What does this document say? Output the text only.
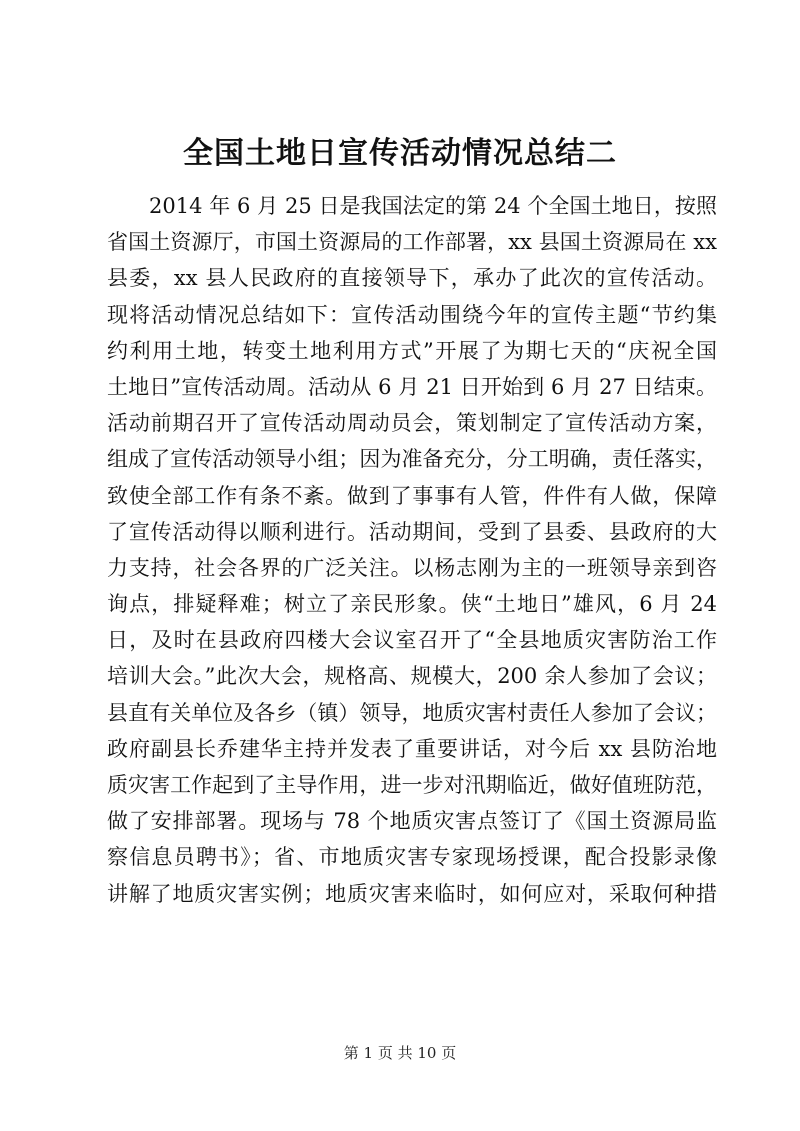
全国土地日宣传活动情况总结二
2014 年 6 月 25 日是我国法定的第 24 个全国土地日，按照
省国土资源厅，市国土资源局的工作部署，xx 县国土资源局在 xx
县委，xx 县人民政府的直接领导下，承办了此次的宣传活动。
现将活动情况总结如下：宣传活动围绕今年的宣传主题“节约集
约利用土地，转变土地利用方式”开展了为期七天的“庆祝全国
土地日”宣传活动周。活动从 6 月 21 日开始到 6 月 27 日结束。
活动前期召开了宣传活动周动员会，策划制定了宣传活动方案，
组成了宣传活动领导小组；因为准备充分，分工明确，责任落实，
致使全部工作有条不紊。做到了事事有人管，件件有人做，保障
了宣传活动得以顺利进行。活动期间，受到了县委、县政府的大
力支持，社会各界的广泛关注。以杨志刚为主的一班领导亲到咨
询点，排疑释难；树立了亲民形象。侠“土地日”雄风，6 月 24
日，及时在县政府四楼大会议室召开了“全县地质灾害防治工作
培训大会。”此次大会，规格高、规模大，200 余人参加了会议；
县直有关单位及各乡（镇）领导，地质灾害村责任人参加了会议；
政府副县长乔建华主持并发表了重要讲话，对今后 xx 县防治地
质灾害工作起到了主导作用，进一步对汛期临近，做好值班防范，
做了安排部署。现场与 78 个地质灾害点签订了《国土资源局监
察信息员聘书》；省、市地质灾害专家现场授课，配合投影录像
讲解了地质灾害实例；地质灾害来临时，如何应对，采取何种措
第 1 页 共 10 页
